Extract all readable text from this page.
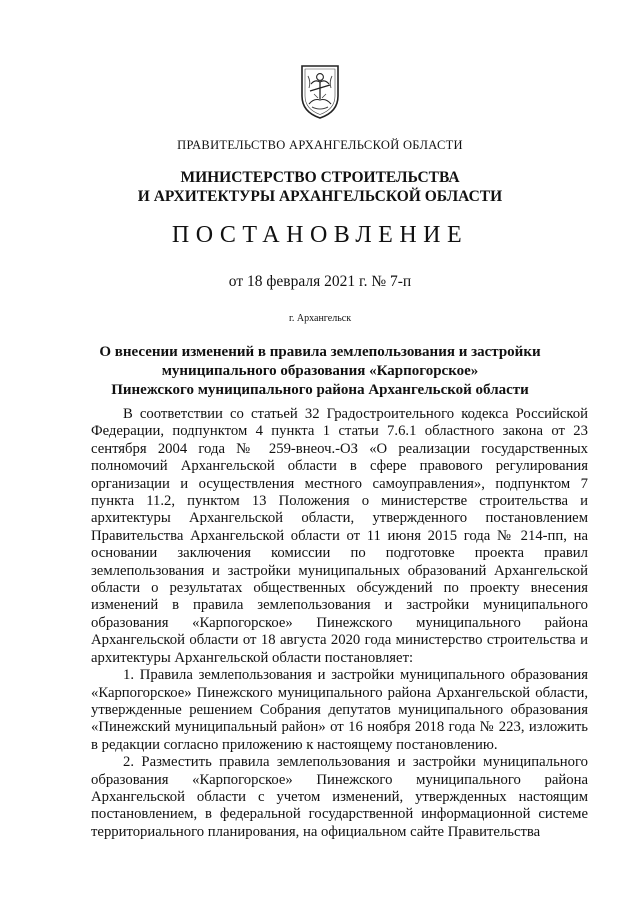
ПРАВИТЕЛЬСТВО АРХАНГЕЛЬСКОЙ ОБЛАСТИ
МИНИСТЕРСТВО СТРОИТЕЛЬСТВА
И АРХИТЕКТУРЫ АРХАНГЕЛЬСКОЙ ОБЛАСТИ
ПОСТАНОВЛЕНИЕ
от 18 февраля 2021 г. № 7-п
г. Архангельск
О внесении изменений в правила землепользования и застройки
муниципального образования «Карпогорское»
Пинежского муниципального района Архангельской области

В соответствии со статьей 32 Градостроительного кодекса Российской Федерации, подпунктом 4 пункта 1 статьи 7.6.1 областного закона от 23 сентября 2004 года № 259-внеоч.-ОЗ «О реализации государственных полномочий Архангельской области в сфере правового регулирования организации и осуществления местного самоуправления», подпунктом 7 пункта 11.2, пунктом 13 Положения о министерстве строительства и архитектуры Архангельской области, утвержденного постановлением Правительства Архангельской области от 11 июня 2015 года № 214-пп, на основании заключения комиссии по подготовке проекта правил землепользования и застройки муниципальных образований Архангельской области о результатах общественных обсуждений по проекту внесения изменений в правила землепользования и застройки муниципального образования «Карпогорское» Пинежского муниципального района Архангельской области от 18 августа 2020 года министерство строительства и архитектуры Архангельской области постановляет:

1. Правила землепользования и застройки муниципального образования «Карпогорское» Пинежского муниципального района Архангельской области, утвержденные решением Собрания депутатов муниципального образования «Пинежский муниципальный район» от 16 ноября 2018 года № 223, изложить в редакции согласно приложению к настоящему постановлению.

2. Разместить правила землепользования и застройки муниципального образования «Карпогорское» Пинежского муниципального района Архангельской области с учетом изменений, утвержденных настоящим постановлением, в федеральной государственной информационной системе территориального планирования, на официальном сайте Правительства
